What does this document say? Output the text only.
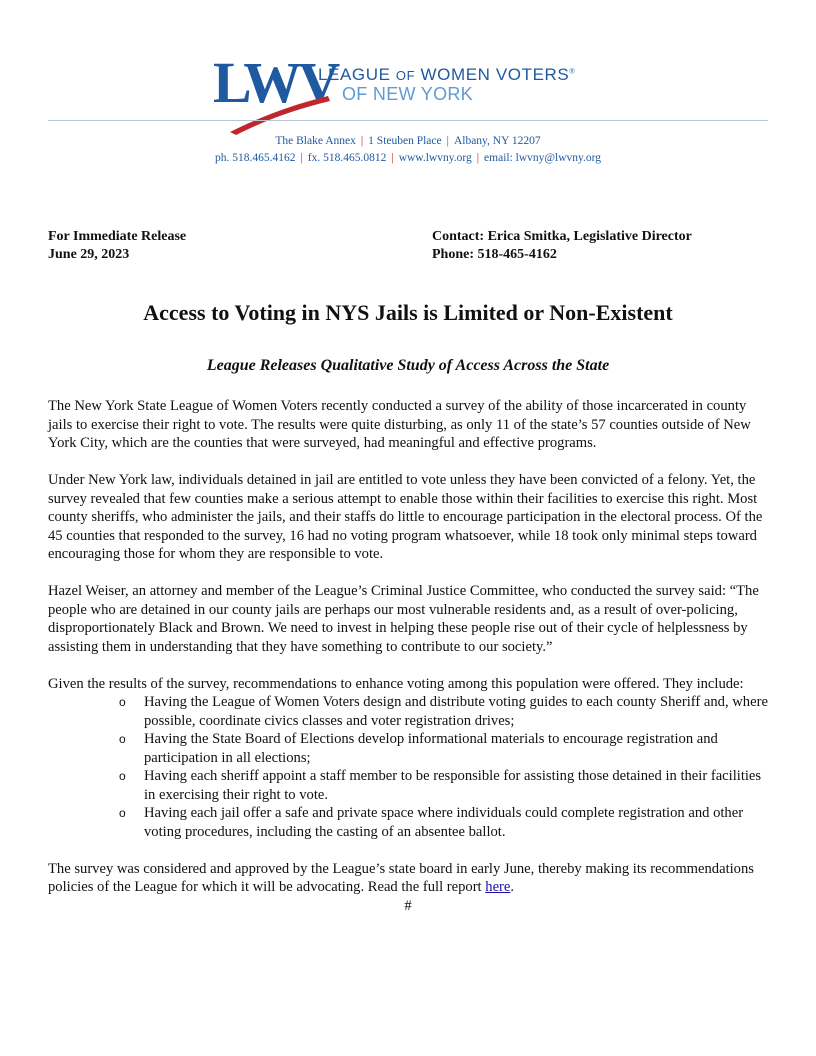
LWV
LEAGUE OF WOMEN VOTERS®
OF NEW YORK
The Blake Annex | 1 Steuben Place | Albany, NY 12207
ph. 518.465.4162 | fx. 518.465.0812 | www.lwvny.org | email: lwvny@lwvny.org
For Immediate Release
June 29, 2023
Contact: Erica Smitka, Legislative Director
Phone: 518-465-4162
Access to Voting in NYS Jails is Limited or Non-Existent
League Releases Qualitative Study of Access Across the State

The New York State League of Women Voters recently conducted a survey of the ability of those incarcerated in county jails to exercise their right to vote. The results were quite disturbing, as only 11 of the state’s 57 counties outside of New York City, which are the counties that were surveyed, had meaningful and effective programs.

Under New York law, individuals detained in jail are entitled to vote unless they have been convicted of a felony. Yet, the survey revealed that few counties make a serious attempt to enable those within their facilities to exercise this right. Most county sheriffs, who administer the jails, and their staffs do little to encourage participation in the electoral process. Of the 45 counties that responded to the survey, 16 had no voting program whatsoever, while 18 took only minimal steps toward encouraging those for whom they are responsible to vote.

Hazel Weiser, an attorney and member of the League’s Criminal Justice Committee, who conducted the survey said: “The people who are detained in our county jails are perhaps our most vulnerable residents and, as a result of over-policing, disproportionately Black and Brown. We need to invest in helping these people rise out of their cycle of helplessness by assisting them in understanding that they have something to contribute to our society.”

Given the results of the survey, recommendations to enhance voting among this population were offered. They include:

o Having the League of Women Voters design and distribute voting guides to each county Sheriff and, where possible, coordinate civics classes and voter registration drives;
o Having the State Board of Elections develop informational materials to encourage registration and participation in all elections;
o Having each sheriff appoint a staff member to be responsible for assisting those detained in their facilities in exercising their right to vote.
o Having each jail offer a safe and private space where individuals could complete registration and other voting procedures, including the casting of an absentee ballot.

The survey was considered and approved by the League’s state board in early June, thereby making its recommendations policies of the League for which it will be advocating. Read the full report here.

#
